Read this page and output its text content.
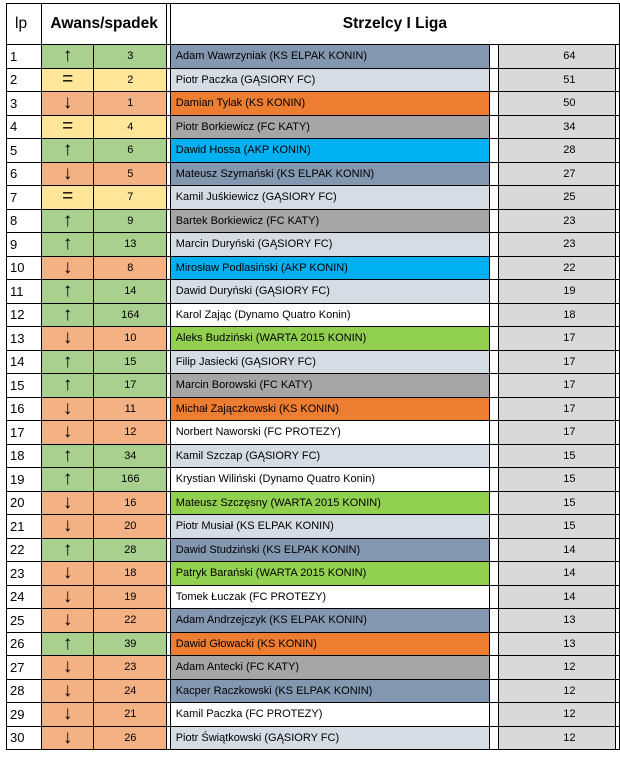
lp	Awans/spadek			Strzelcy I Liga			
1	↑	3		Adam Wawrzyniak (KS ELPAK KONIN)		64	
2	=	2		Piotr Paczka (GĄSIORY FC)		51	
3	↓	1		Damian Tylak (KS KONIN)		50	
4	=	4		Piotr Borkiewicz (FC KATY)		34	
5	↑	6		Dawid Hossa (AKP KONIN)		28	
6	↓	5		Mateusz Szymański (KS ELPAK KONIN)		27	
7	=	7		Kamil Juśkiewicz (GĄSIORY FC)		25	
8	↑	9		Bartek Borkiewicz (FC KATY)		23	
9	↑	13		Marcin Duryński (GĄSIORY FC)		23	
10	↓	8		Mirosław Podlasiński (AKP KONIN)		22	
11	↑	14		Dawid Duryński (GĄSIORY FC)		19	
12	↑	164		Karol Zając (Dynamo Quatro Konin)		18	
13	↓	10		Aleks Budziński (WARTA 2015 KONIN)		17	
14	↑	15		Filip Jasiecki (GĄSIORY FC)		17	
15	↑	17		Marcin Borowski (FC KATY)		17	
16	↓	11		Michał Zajączkowski (KS KONIN)		17	
17	↓	12		Norbert Naworski (FC PROTEZY)		17	
18	↑	34		Kamil Szczap (GĄSIORY FC)		15	
19	↑	166		Krystian Wiliński (Dynamo Quatro Konin)		15	
20	↓	16		Mateusz Szczęsny (WARTA 2015 KONIN)		15	
21	↓	20		Piotr Musiał (KS ELPAK KONIN)		15	
22	↑	28		Dawid Studziński (KS ELPAK KONIN)		14	
23	↓	18		Patryk Barański (WARTA 2015 KONIN)		14	
24	↓	19		Tomek Łuczak (FC PROTEZY)		14	
25	↓	22		Adam Andrzejczyk (KS ELPAK KONIN)		13	
26	↑	39		Dawid Głowacki (KS KONIN)		13	
27	↓	23		Adam Antecki (FC KATY)		12	
28	↓	24		Kacper Raczkowski (KS ELPAK KONIN)		12	
29	↓	21		Kamil Paczka (FC PROTEZY)		12	
30	↓	26		Piotr Świątkowski (GĄSIORY FC)		12	
